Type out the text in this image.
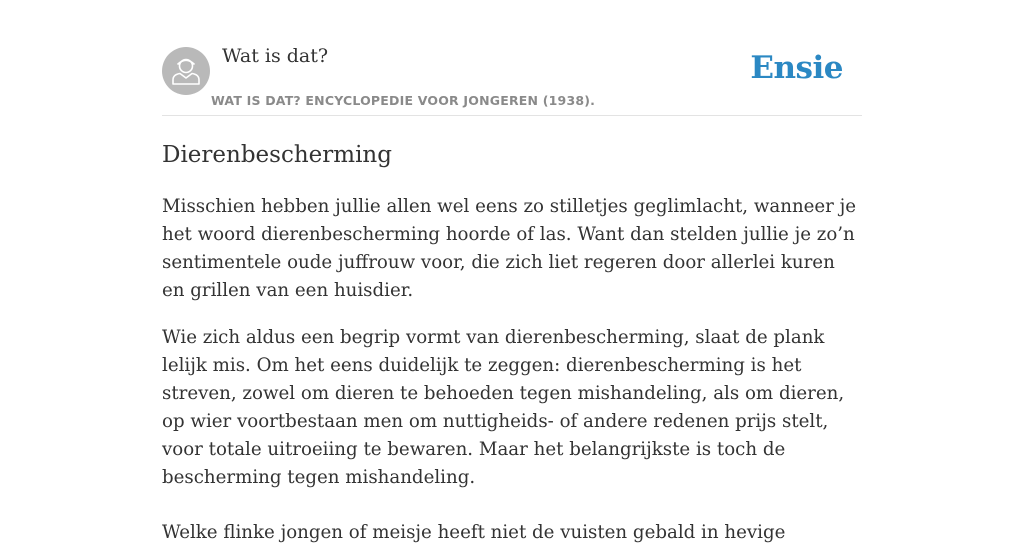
Wat is dat?
WAT IS DAT? ENCYCLOPEDIE VOOR JONGEREN (1938).
Ensie
Dierenbescherming

Misschien hebben jullie allen wel eens zo stilletjes geglimlacht, wanneer je het woord dierenbescherming hoorde of las. Want dan stelden jullie je zo’n sentimentele oude juffrouw voor, die zich liet regeren door allerlei kuren en grillen van een huisdier.

Wie zich aldus een begrip vormt van dierenbescherming, slaat de plank lelijk mis. Om het eens duidelijk te zeggen: dierenbescherming is het streven, zowel om dieren te behoeden tegen mishandeling, als om dieren, op wier voortbestaan men om nuttigheids- of andere redenen prijs stelt, voor totale uitroeiing te bewaren. Maar het belangrijkste is toch de bescherming tegen mishandeling.

Welke flinke jongen of meisje heeft niet de vuisten gebald in hevige
